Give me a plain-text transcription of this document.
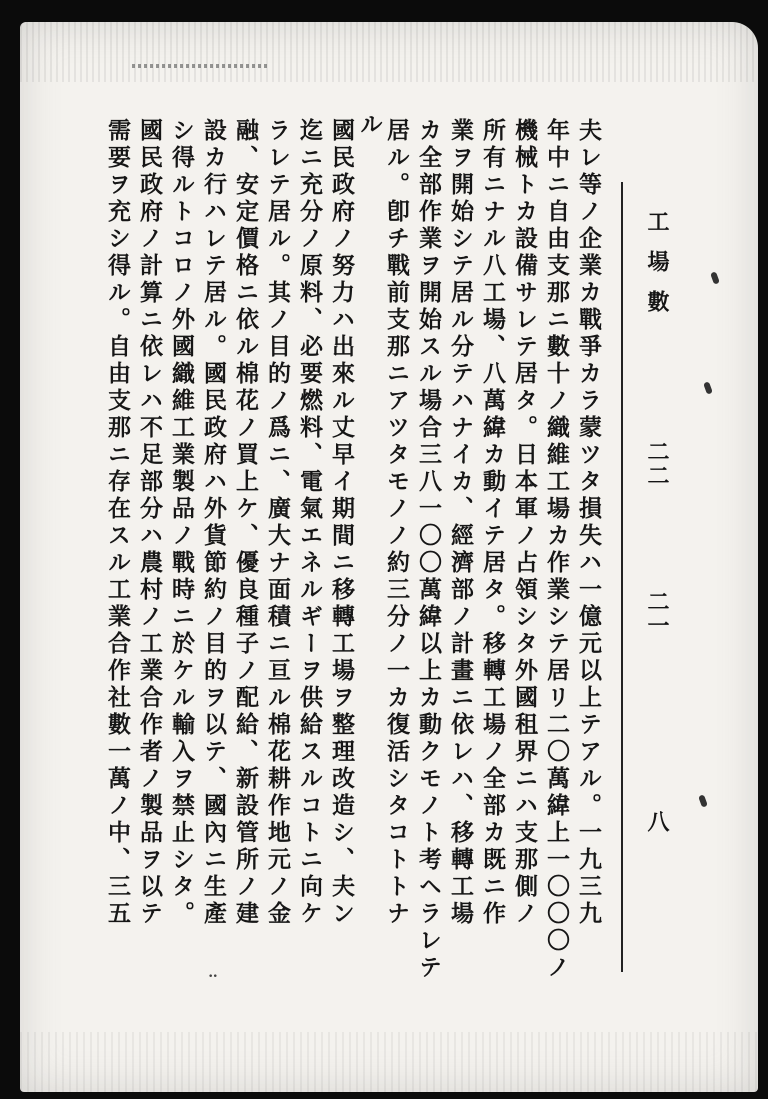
工場數
二二
二一
八
夫レ等ノ企業カ戰爭カラ蒙ツタ損失ハ一億元以上テアル。一九三九
年中ニ自由支那ニ數十ノ織維工場カ作業シテ居リ二〇萬緯上一〇〇〇ノ
機械トカ設備サレテ居タ。日本軍ノ占領シタ外國租界ニハ支那側ノ
所有ニナル八工場、八萬緯カ動イテ居タ。移轉工場ノ全部カ既ニ作
業ヲ開始シテ居ル分テハナイカ、經濟部ノ計畫ニ依レハ、移轉工場
カ全部作業ヲ開始スル場合三八一〇〇萬緯以上カ動クモノト考ヘラレテ
居ル。卽チ戰前支那ニアツタモノノ約三分ノ一カ復活シタコトトナ
ル
國民政府ノ努力ハ出來ル丈早イ期間ニ移轉工場ヲ整理改造シ、夫ン
迄ニ充分ノ原料、必要燃料、電氣エネルギーヲ供給スルコトニ向ケ
ラレテ居ル。其ノ目的ノ爲ニ、廣大ナ面積ニ亘ル棉花耕作地元ノ金
融、安定價格ニ依ル棉花ノ買上ケ、優良種子ノ配給、新設管所ノ建
設カ行ハレテ居ル。國民政府ハ外貨節約ノ目的ヲ以テ、國內ニ生產
シ得ルトコロノ外國織維工業製品ノ戰時ニ於ケル輸入ヲ禁止シタ。
國民政府ノ計算ニ依レハ不足部分ハ農村ノ工業合作者ノ製品ヲ以テ
需要ヲ充シ得ル。自由支那ニ存在スル工業合作社數一萬ノ中、三五
‥
